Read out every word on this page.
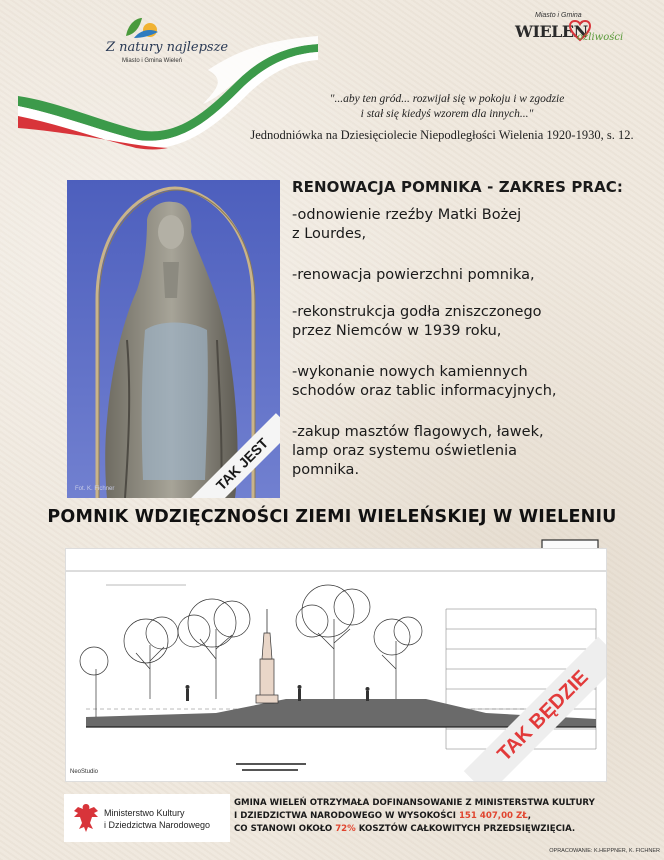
Z natury najlepsze
Miasto i Gmina Wieleń
Miasto i Gmina
WIELEŃ
ożliwości
"...aby ten gród... rozwijał się w pokoju i w zgodzie
i stał się kiedyś wzorem dla innych..."
Jednodniówka na Dziesięciolecie Niepodległości Wielenia 1920-1930, s. 12.
Fot. K. Fichner	TAK JEST
RENOWACJA POMNIKA - ZAKRES PRAC:
-odnowienie rzeźby Matki Bożej
z Lourdes,
-renowacja powierzchni pomnika,
-rekonstrukcja godła zniszczonego
przez Niemców w 1939 roku,
-wykonanie nowych kamiennych
schodów oraz tablic informacyjnych,
-zakup masztów flagowych, ławek,
lamp oraz systemu oświetlenia
pomnika.
POMNIK WDZIĘCZNOŚCI ZIEMI WIELEŃSKIEJ W WIELENIU
NeoStudio
TAK BĘDZIE
Ministerstwo Kultury
i Dziedzictwa Narodowego
GMINA WIELEŃ OTRZYMAŁA DOFINANSOWANIE Z MINISTERSTWA KULTURY
I DZIEDZICTWA NARODOWEGO W WYSOKOŚCI 151 407,00 ZŁ,
CO STANOWI OKOŁO 72% KOSZTÓW CAŁKOWITYCH PRZEDSIĘWZIĘCIA.
OPRACOWANIE: K.HEPPNER, K. FICHNER
